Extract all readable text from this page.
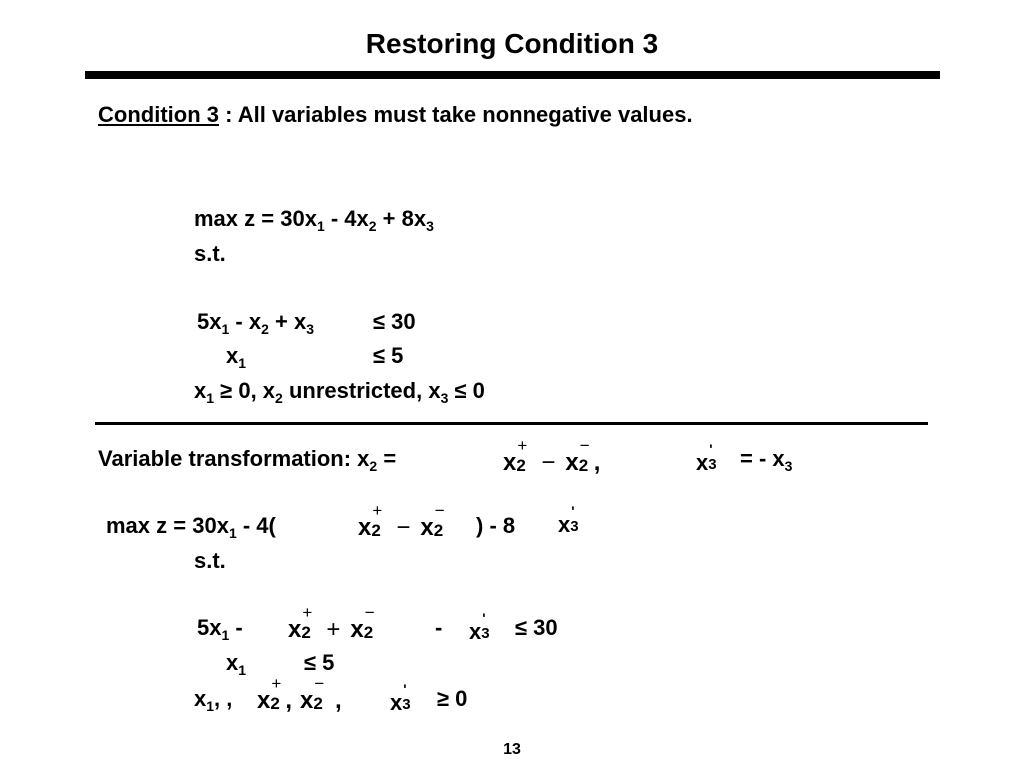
Restoring Condition 3
Condition 3 : All variables must take nonnegative values.
$\max z = 30x_1 - 4x_2 + 8x_3$
s.t.
$5x_1 - x_2 + x_3$	≤ 30
$x_1$	≤ 5
$x_1 \ge 0$, $x_2$ unrestricted, $x_3 \le 0$
Variable transformation: $x_2$ =	x
+
2 − x
−
2 ,	x
'
3 = - $x_3$
$\max z = 30x_1 - 4$(	x
+
2 − x
−
2 ) - 8 x
'
3
s.t.
$5x_1$ - x
+
2 + x
−
2	- x
'
3 ≤ 30
$x_1$	≤ 5
$x_1$, , x
+
2 , x
−
2 , x
'
3 ≥ 0
13
